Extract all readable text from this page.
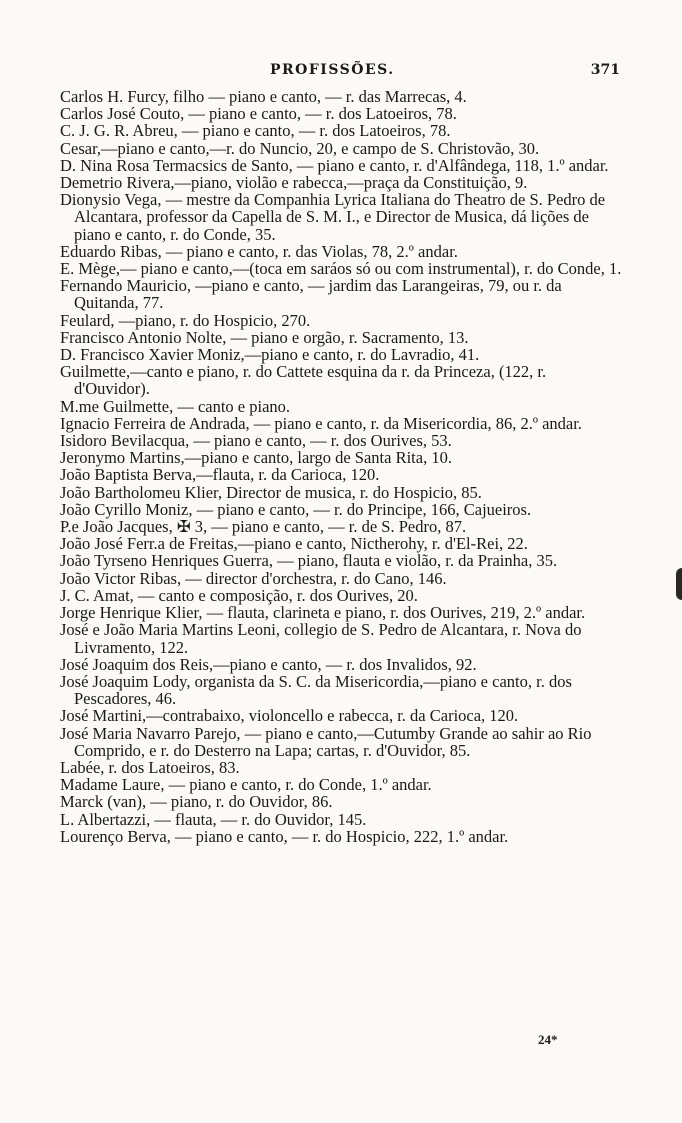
PROFISSÕES.	371

Carlos H. Furcy, filho — piano e canto, — r. das Marrecas, 4.

Carlos José Couto, — piano e canto, — r. dos Latoeiros, 78.

C. J. G. R. Abreu, — piano e canto, — r. dos Latoeiros, 78.

Cesar,—piano e canto,—r. do Nuncio, 20, e campo de S. Christovão, 30.

D. Nina Rosa Termacsics de Santo, — piano e canto, r. d'Alfândega, 118, 1.º andar.

Demetrio Rivera,—piano, violão e rabecca,—praça da Constituição, 9.

Dionysio Vega, — mestre da Companhia Lyrica Italiana do Theatro de S. Pedro de Alcantara, professor da Capella de S. M. I., e Director de Musica, dá lições de piano e canto, r. do Conde, 35.

Eduardo Ribas, — piano e canto, r. das Violas, 78, 2.º andar.

E. Mège,— piano e canto,—(toca em saráos só ou com instrumental), r. do Conde, 1.

Fernando Mauricio, —piano e canto, — jardim das Larangeiras, 79, ou r. da Quitanda, 77.

Feulard, —piano, r. do Hospicio, 270.

Francisco Antonio Nolte, — piano e orgão, r. Sacramento, 13.

D. Francisco Xavier Moniz,—piano e canto, r. do Lavradio, 41.

Guilmette,—canto e piano, r. do Cattete esquina da r. da Princeza, (122, r. d'Ouvidor).

M.me Guilmette, — canto e piano.

Ignacio Ferreira de Andrada, — piano e canto, r. da Misericordia, 86, 2.º andar.

Isidoro Bevilacqua, — piano e canto, — r. dos Ourives, 53.

Jeronymo Martins,—piano e canto, largo de Santa Rita, 10.

João Baptista Berva,—flauta, r. da Carioca, 120.

João Bartholomeu Klier, Director de musica, r. do Hospicio, 85.

João Cyrillo Moniz, — piano e canto, — r. do Principe, 166, Cajueiros.

P.e João Jacques, ✠ 3, — piano e canto, — r. de S. Pedro, 87.

João José Ferr.a de Freitas,—piano e canto, Nictherohy, r. d'El-Rei, 22.

João Tyrseno Henriques Guerra, — piano, flauta e violão, r. da Prainha, 35.

João Victor Ribas, — director d'orchestra, r. do Cano, 146.

J. C. Amat, — canto e composição, r. dos Ourives, 20.

Jorge Henrique Klier, — flauta, clarineta e piano, r. dos Ourives, 219, 2.º andar.

José e João Maria Martins Leoni, collegio de S. Pedro de Alcantara, r. Nova do Livramento, 122.

José Joaquim dos Reis,—piano e canto, — r. dos Invalidos, 92.

José Joaquim Lody, organista da S. C. da Misericordia,—piano e canto, r. dos Pescadores, 46.

José Martini,—contrabaixo, violoncello e rabecca, r. da Carioca, 120.

José Maria Navarro Parejo, — piano e canto,—Cutumby Grande ao sahir ao Rio Comprido, e r. do Desterro na Lapa; cartas, r. d'Ouvidor, 85.

Labée, r. dos Latoeiros, 83.

Madame Laure, — piano e canto, r. do Conde, 1.º andar.

Marck (van), — piano, r. do Ouvidor, 86.

L. Albertazzi, — flauta, — r. do Ouvidor, 145.

Lourenço Berva, — piano e canto, — r. do Hospicio, 222, 1.º andar.

24*
